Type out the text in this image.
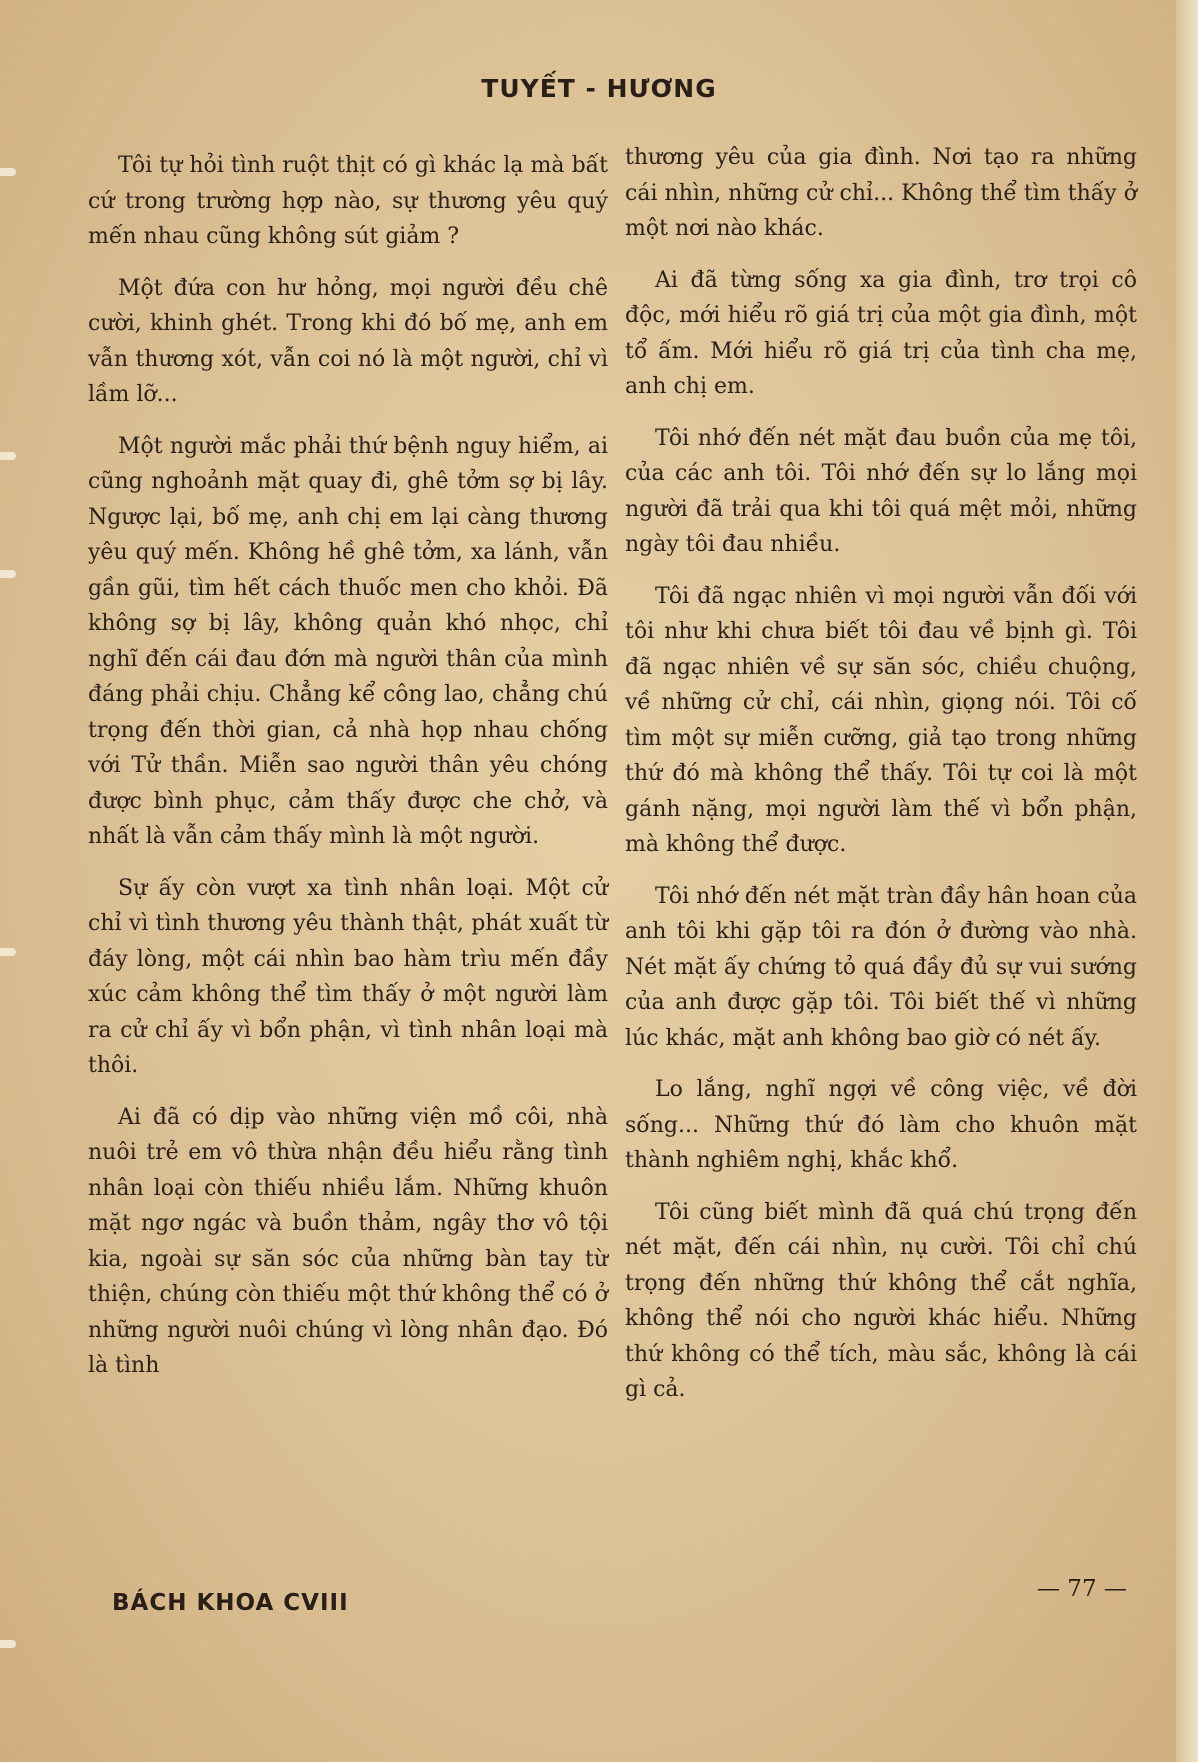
TUYẾT - HƯƠNG

Tôi tự hỏi tình ruột thịt có gì khác lạ mà bất cứ trong trường hợp nào, sự thương yêu quý mến nhau cũng không sút giảm ?

Một đứa con hư hỏng, mọi người đều chê cười, khinh ghét. Trong khi đó bố mẹ, anh em vẫn thương xót, vẫn coi nó là một người, chỉ vì lầm lỡ...

Một người mắc phải thứ bệnh nguy hiểm, ai cũng nghoảnh mặt quay đi, ghê tởm sợ bị lây. Ngược lại, bố mẹ, anh chị em lại càng thương yêu quý mến. Không hề ghê tởm, xa lánh, vẫn gần gũi, tìm hết cách thuốc men cho khỏi. Đã không sợ bị lây, không quản khó nhọc, chỉ nghĩ đến cái đau đớn mà người thân của mình đáng phải chịu. Chẳng kể công lao, chẳng chú trọng đến thời gian, cả nhà họp nhau chống với Tử thần. Miễn sao người thân yêu chóng được bình phục, cảm thấy được che chở, và nhất là vẫn cảm thấy mình là một người.

Sự ấy còn vượt xa tình nhân loại. Một cử chỉ vì tình thương yêu thành thật, phát xuất từ đáy lòng, một cái nhìn bao hàm trìu mến đầy xúc cảm không thể tìm thấy ở một người làm ra cử chỉ ấy vì bổn phận, vì tình nhân loại mà thôi.

Ai đã có dịp vào những viện mồ côi, nhà nuôi trẻ em vô thừa nhận đều hiểu rằng tình nhân loại còn thiếu nhiều lắm. Những khuôn mặt ngơ ngác và buồn thảm, ngây thơ vô tội kia, ngoài sự săn sóc của những bàn tay từ thiện, chúng còn thiếu một thứ không thể có ở những người nuôi chúng vì lòng nhân đạo. Đó là tình

thương yêu của gia đình. Nơi tạo ra những cái nhìn, những cử chỉ... Không thể tìm thấy ở một nơi nào khác.

Ai đã từng sống xa gia đình, trơ trọi cô độc, mới hiểu rõ giá trị của một gia đình, một tổ ấm. Mới hiểu rõ giá trị của tình cha mẹ, anh chị em.

Tôi nhớ đến nét mặt đau buồn của mẹ tôi, của các anh tôi. Tôi nhớ đến sự lo lắng mọi người đã trải qua khi tôi quá mệt mỏi, những ngày tôi đau nhiều.

Tôi đã ngạc nhiên vì mọi người vẫn đối với tôi như khi chưa biết tôi đau về bịnh gì. Tôi đã ngạc nhiên về sự săn sóc, chiều chuộng, về những cử chỉ, cái nhìn, giọng nói. Tôi cố tìm một sự miễn cưỡng, giả tạo trong những thứ đó mà không thể thấy. Tôi tự coi là một gánh nặng, mọi người làm thế vì bổn phận, mà không thể được.

Tôi nhớ đến nét mặt tràn đầy hân hoan của anh tôi khi gặp tôi ra đón ở đường vào nhà. Nét mặt ấy chứng tỏ quá đầy đủ sự vui sướng của anh được gặp tôi. Tôi biết thế vì những lúc khác, mặt anh không bao giờ có nét ấy.

Lo lắng, nghĩ ngợi về công việc, về đời sống... Những thứ đó làm cho khuôn mặt thành nghiêm nghị, khắc khổ.

Tôi cũng biết mình đã quá chú trọng đến nét mặt, đến cái nhìn, nụ cười. Tôi chỉ chú trọng đến những thứ không thể cắt nghĩa, không thể nói cho người khác hiểu. Những thứ không có thể tích, màu sắc, không là cái gì cả.

BÁCH KHOA CVIII
— 77 —
